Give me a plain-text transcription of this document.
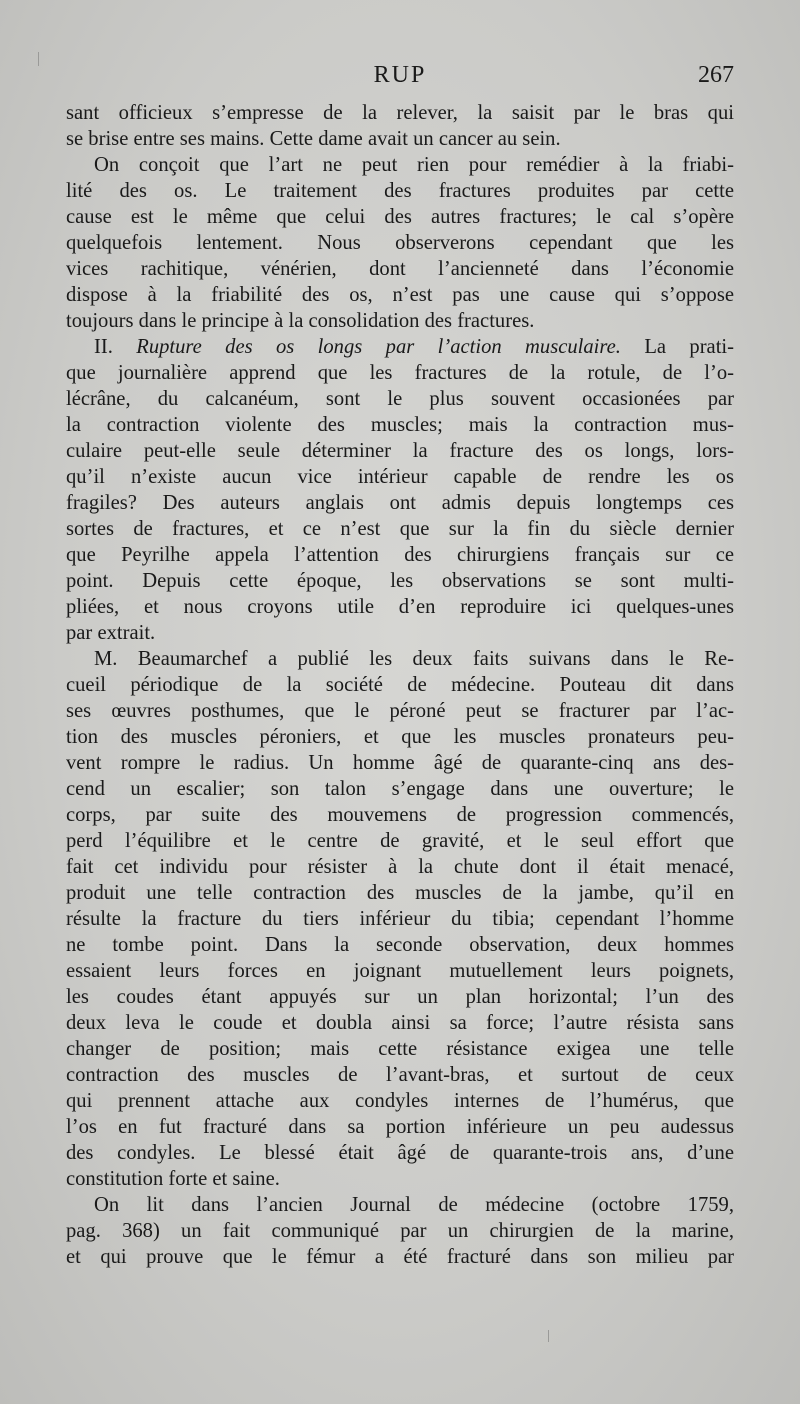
RUP	267
sant officieux s’empresse de la relever, la saisit par le bras qui
se brise entre ses mains. Cette dame avait un cancer au sein.
On conçoit que l’art ne peut rien pour remédier à la friabi-
lité des os. Le traitement des fractures produites par cette
cause est le même que celui des autres fractures; le cal s’opère
quelquefois lentement. Nous observerons cependant que les
vices rachitique, vénérien, dont l’ancienneté dans l’économie
dispose à la friabilité des os, n’est pas une cause qui s’oppose
toujours dans le principe à la consolidation des fractures.
II. Rupture des os longs par l’action musculaire. La prati-
que journalière apprend que les fractures de la rotule, de l’o-
lécrâne, du calcanéum, sont le plus souvent occasionées par
la contraction violente des muscles; mais la contraction mus-
culaire peut-elle seule déterminer la fracture des os longs, lors-
qu’il n’existe aucun vice intérieur capable de rendre les os
fragiles? Des auteurs anglais ont admis depuis longtemps ces
sortes de fractures, et ce n’est que sur la fin du siècle dernier
que Peyrilhe appela l’attention des chirurgiens français sur ce
point. Depuis cette époque, les observations se sont multi-
pliées, et nous croyons utile d’en reproduire ici quelques-unes
par extrait.
M. Beaumarchef a publié les deux faits suivans dans le Re-
cueil périodique de la société de médecine. Pouteau dit dans
ses œuvres posthumes, que le péroné peut se fracturer par l’ac-
tion des muscles péroniers, et que les muscles pronateurs peu-
vent rompre le radius. Un homme âgé de quarante-cinq ans des-
cend un escalier; son talon s’engage dans une ouverture; le
corps, par suite des mouvemens de progression commencés,
perd l’équilibre et le centre de gravité, et le seul effort que
fait cet individu pour résister à la chute dont il était menacé,
produit une telle contraction des muscles de la jambe, qu’il en
résulte la fracture du tiers inférieur du tibia; cependant l’homme
ne tombe point. Dans la seconde observation, deux hommes
essaient leurs forces en joignant mutuellement leurs poignets,
les coudes étant appuyés sur un plan horizontal; l’un des
deux leva le coude et doubla ainsi sa force; l’autre résista sans
changer de position; mais cette résistance exigea une telle
contraction des muscles de l’avant-bras, et surtout de ceux
qui prennent attache aux condyles internes de l’humérus, que
l’os en fut fracturé dans sa portion inférieure un peu audessus
des condyles. Le blessé était âgé de quarante-trois ans, d’une
constitution forte et saine.
On lit dans l’ancien Journal de médecine (octobre 1759,
pag. 368) un fait communiqué par un chirurgien de la marine,
et qui prouve que le fémur a été fracturé dans son milieu par
